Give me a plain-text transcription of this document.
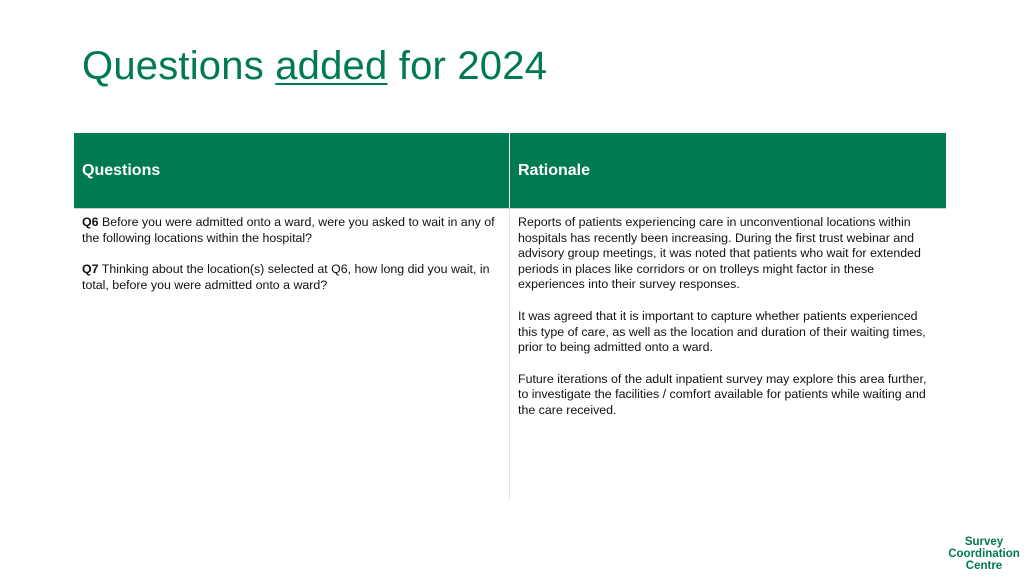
Questions added for 2024
Questions	Rationale

Q6 Before you were admitted onto a ward, were you asked to wait in any of the following locations within the hospital?

Q7 Thinking about the location(s) selected at Q6, how long did you wait, in total, before you were admitted onto a ward?

Reports of patients experiencing care in unconventional locations within hospitals has recently been increasing. During the first trust webinar and advisory group meetings, it was noted that patients who wait for extended periods in places like corridors or on trolleys might factor in these experiences into their survey responses.

It was agreed that it is important to capture whether patients experienced this type of care, as well as the location and duration of their waiting times, prior to being admitted onto a ward.

Future iterations of the adult inpatient survey may explore this area further, to investigate the facilities / comfort available for patients while waiting and the care received.

Survey
Coordination
Centre
